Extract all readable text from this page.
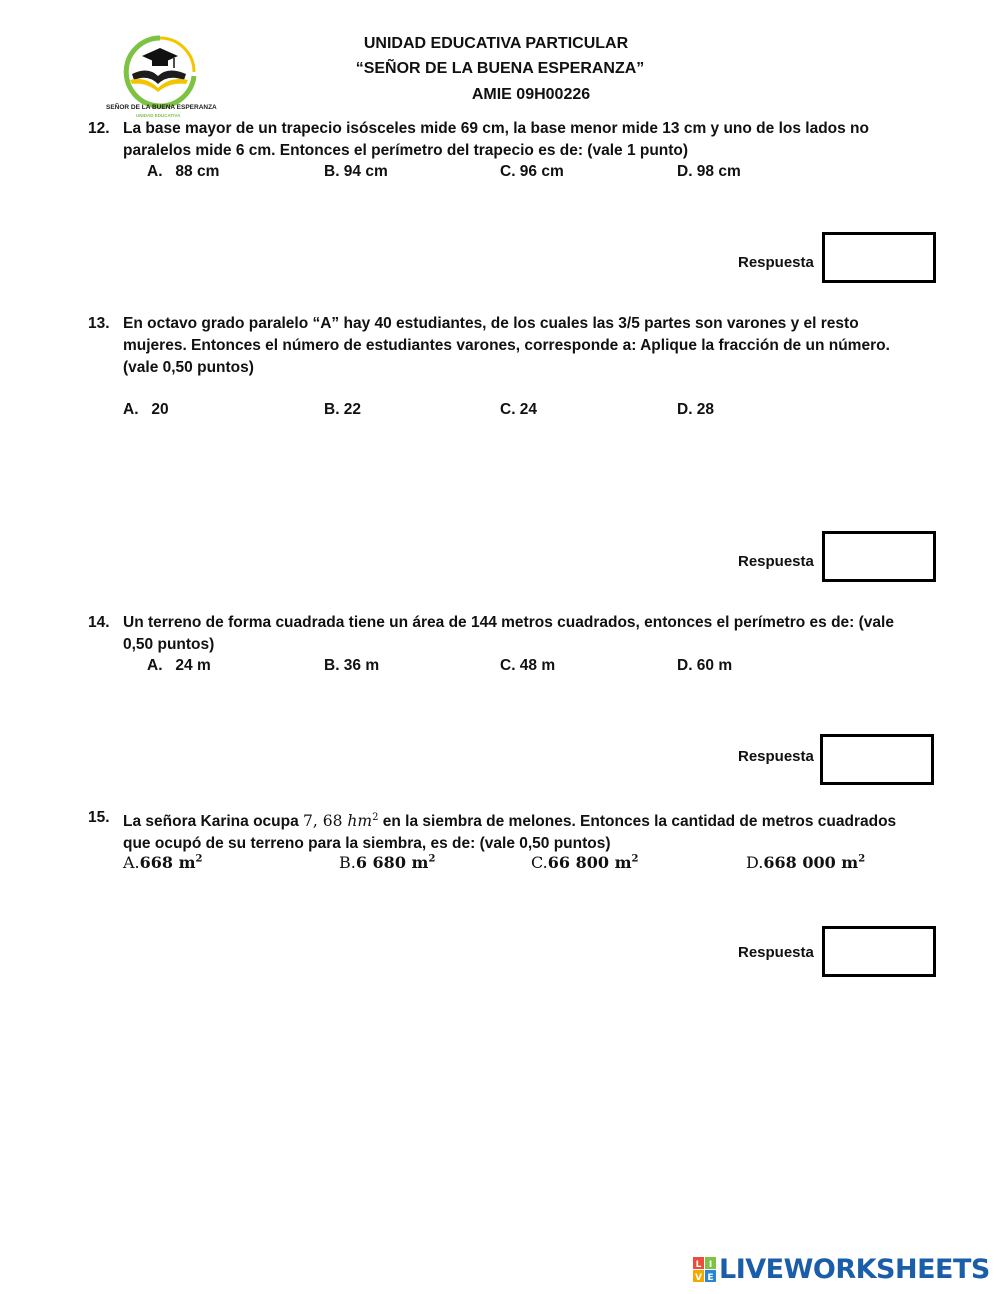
SEÑOR DE LA BUENA ESPERANZA
UNIDAD EDUCATIVA
UNIDAD EDUCATIVA PARTICULAR
“SEÑOR DE LA BUENA ESPERANZA”
AMIE 09H00226
12. La base mayor de un trapecio isósceles mide 69 cm, la base menor mide 13 cm y uno de los lados no paralelos mide 6 cm. Entonces el perímetro del trapecio es de: (vale 1 punto)
A.   88 cm	B. 94 cm	C. 96 cm	D. 98 cm
Respuesta
13. En octavo grado paralelo “A” hay 40 estudiantes, de los cuales las 3/5 partes son varones y el resto mujeres. Entonces el número de estudiantes varones, corresponde a: Aplique la fracción de un número. (vale 0,50 puntos)
A.   20	B. 22	C. 24	D. 28
Respuesta
14. Un terreno de forma cuadrada tiene un área de 144 metros cuadrados, entonces el perímetro es de: (vale 0,50 puntos)
A.   24 m	B. 36 m	C. 48 m	D. 60 m
Respuesta
15. La señora Karina ocupa 7, 68 $hm^2$ en la siembra de melones. Entonces la cantidad de metros cuadrados que ocupó de su terreno para la siembra, es de: (vale 0,50 puntos)
A.668 $m^2$	B.6 680 $m^2$	C.66 800 $m^2$	D.668 000 $m^2$
Respuesta
L I
V E LIVEWORKSHEETS
